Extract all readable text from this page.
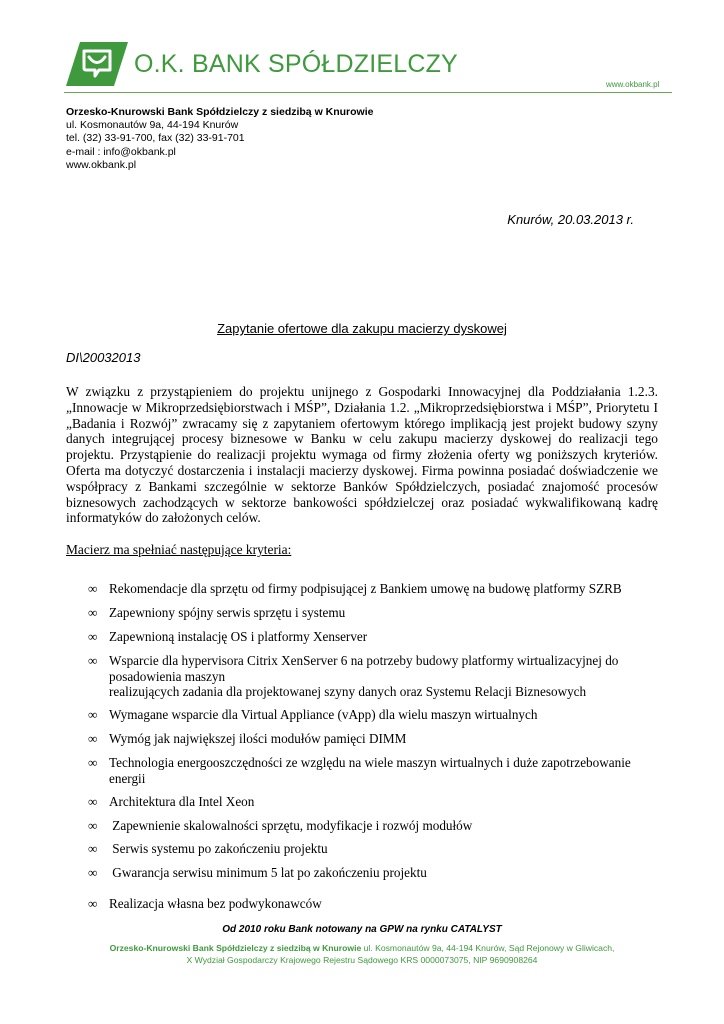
O.K. BANK SPÓŁDZIELCZY
www.okbank.pl
Orzesko-Knurowski Bank Spółdzielczy z siedzibą w Knurowie
ul. Kosmonautów 9a, 44-194 Knurów
tel. (32) 33-91-700, fax (32) 33-91-701
e-mail : info@okbank.pl
www.okbank.pl
Knurów, 20.03.2013 r.
Zapytanie ofertowe dla zakupu macierzy dyskowej
DI\20032013
W związku z przystąpieniem do projektu unijnego z Gospodarki Innowacyjnej dla Poddziałania 1.2.3.
„Innowacje w Mikroprzedsiębiorstwach i MŚP”, Działania 1.2. „Mikroprzedsiębiorstwa i MŚP”, Priorytetu I
„Badania i Rozwój” zwracamy się z zapytaniem ofertowym którego implikacją jest projekt budowy szyny
danych integrującej procesy biznesowe w Banku w celu zakupu macierzy dyskowej do realizacji tego
projektu. Przystąpienie do realizacji projektu wymaga od firmy złożenia oferty wg poniższych kryteriów.
Oferta ma dotyczyć dostarczenia i instalacji macierzy dyskowej. Firma powinna posiadać doświadczenie we
współpracy z Bankami szczególnie w sektorze Banków Spółdzielczych, posiadać znajomość procesów
biznesowych zachodzących w sektorze bankowości spółdzielczej oraz posiadać wykwalifikowaną kadrę
informatyków do założonych celów.
Macierz ma spełniać następujące kryteria:
∞ Rekomendacje dla sprzętu od firmy podpisującej z Bankiem umowę na budowę platformy SZRB
∞ Zapewniony spójny serwis sprzętu i systemu
∞ Zapewnioną instalację OS i platformy Xenserver
∞ Wsparcie dla hypervisora Citrix XenServer 6 na potrzeby budowy platformy wirtualizacyjnej do
posadowienia maszyn
realizujących zadania dla projektowanej szyny danych oraz Systemu Relacji Biznesowych
∞ Wymagane wsparcie dla Virtual Appliance (vApp) dla wielu maszyn wirtualnych
∞ Wymóg jak największej ilości modułów pamięci DIMM
∞ Technologia energooszczędności ze względu na wiele maszyn wirtualnych i duże zapotrzebowanie
energii
∞ Architektura dla Intel Xeon
∞ Zapewnienie skalowalności sprzętu, modyfikacje i rozwój modułów
∞ Serwis systemu po zakończeniu projektu
∞ Gwarancja serwisu minimum 5 lat po zakończeniu projektu
∞ Realizacja własna bez podwykonawców
Od 2010 roku Bank notowany na GPW na rynku CATALYST
Orzesko-Knurowski Bank Spółdzielczy z siedzibą w Knurowie ul. Kosmonautów 9a, 44-194 Knurów, Sąd Rejonowy w Gliwicach,
X Wydział Gospodarczy Krajowego Rejestru Sądowego KRS 0000073075, NIP 9690908264
